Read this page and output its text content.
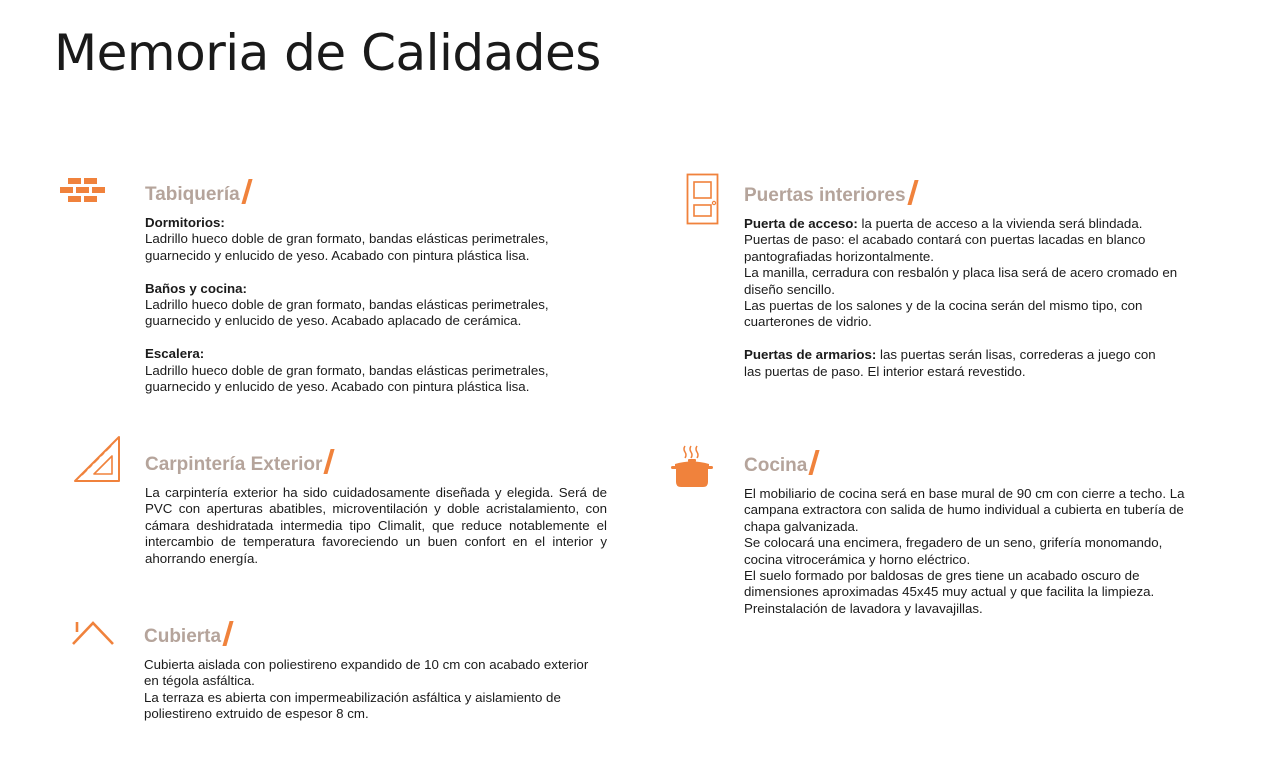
Memoria de Calidades
Tabiquería

Dormitorios:

Ladrillo hueco doble de gran formato, bandas elásticas perimetrales,

guarnecido y enlucido de yeso. Acabado con pintura plástica lisa.

Baños y cocina:

Ladrillo hueco doble de gran formato, bandas elásticas perimetrales,

guarnecido y enlucido de yeso. Acabado aplacado de cerámica.

Escalera:

Ladrillo hueco doble de gran formato, bandas elásticas perimetrales,

guarnecido y enlucido de yeso. Acabado con pintura plástica lisa.

Carpintería Exterior

La carpintería exterior ha sido cuidadosamente diseñada y elegida. Será de PVC con aperturas abatibles, microventilación y doble acristalamiento, con cámara deshidratada intermedia tipo Climalit, que reduce notablemente el intercambio de temperatura favoreciendo un buen confort en el interior y ahorrando energía.

Cubierta

Cubierta aislada con poliestireno expandido de 10 cm con acabado exterior

en tégola asfáltica.

La terraza es abierta con impermeabilización asfáltica y aislamiento de

poliestireno extruido de espesor 8 cm.

Puertas interiores

Puerta de acceso: la puerta de acceso a la vivienda será blindada.

Puertas de paso: el acabado contará con puertas lacadas en blanco

pantografiadas horizontalmente.

La manilla, cerradura con resbalón y placa lisa será de acero cromado en

diseño sencillo.

Las puertas de los salones y de la cocina serán del mismo tipo, con

cuarterones de vidrio.

Puertas de armarios: las puertas serán lisas, correderas a juego con

las puertas de paso. El interior estará revestido.

Cocina

El mobiliario de cocina será en base mural de 90 cm con cierre a techo. La

campana extractora con salida de humo individual a cubierta en tubería de

chapa galvanizada.

Se colocará una encimera, fregadero de un seno, grifería monomando,

cocina vitrocerámica y horno eléctrico.

El suelo formado por baldosas de gres tiene un acabado oscuro de

dimensiones aproximadas 45x45 muy actual y que facilita la limpieza.

Preinstalación de lavadora y lavavajillas.
